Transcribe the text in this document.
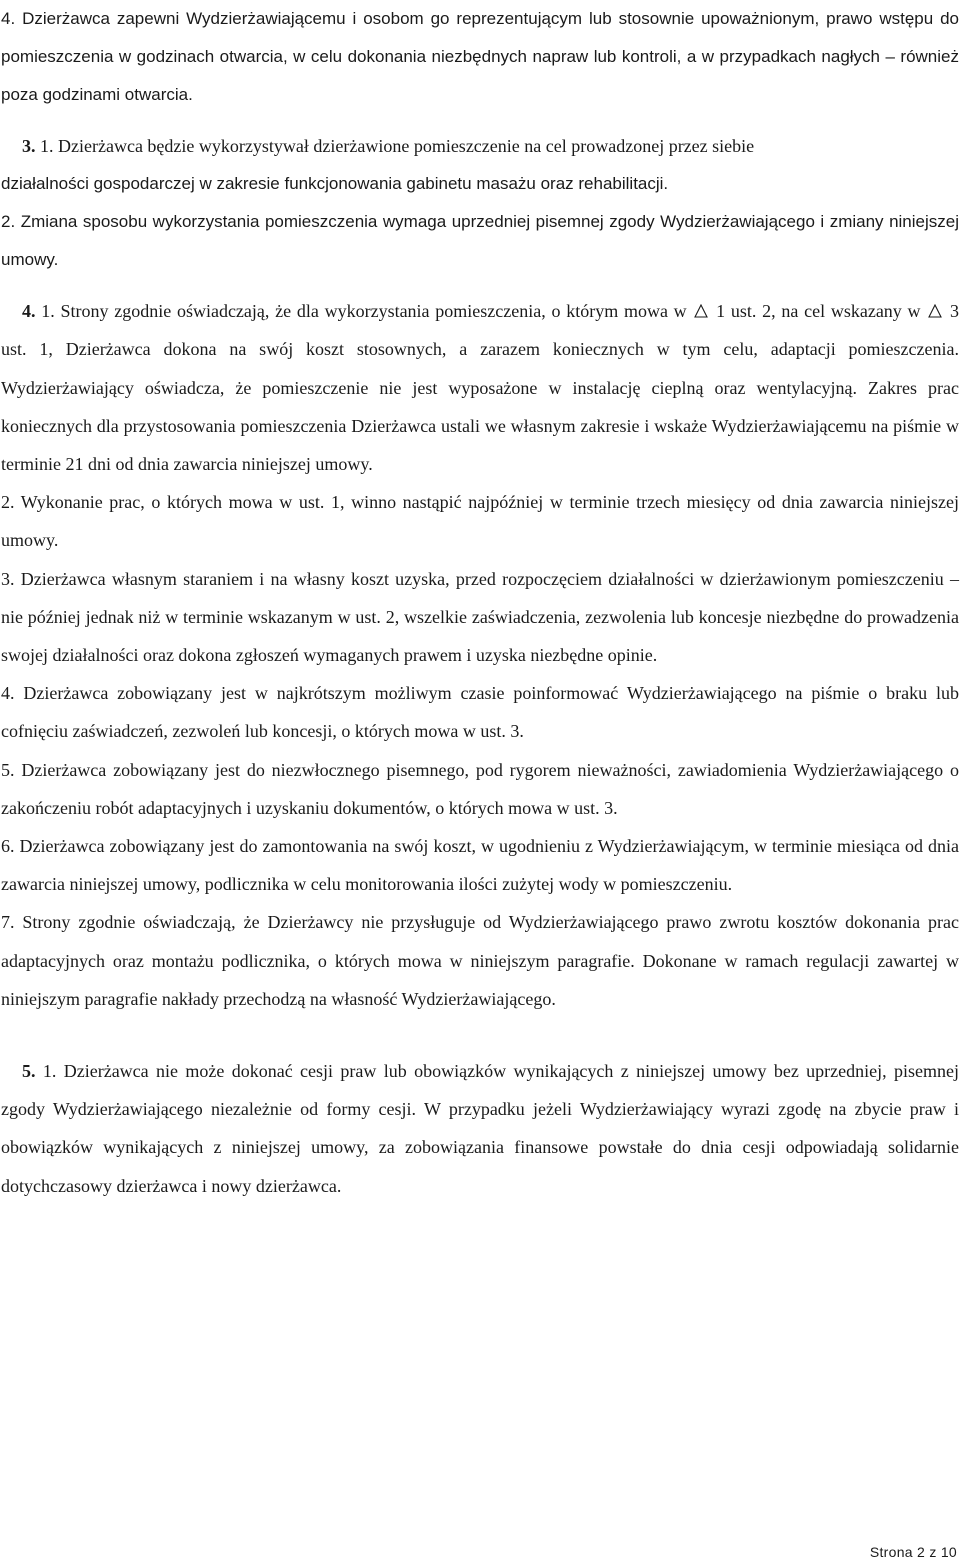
4. Dzierżawca zapewni Wydzierżawiającemu i osobom go reprezentującym lub stosownie upoważnionym, prawo wstępu do pomieszczenia w godzinach otwarcia, w celu dokonania niezbędnych napraw lub kontroli, a w przypadkach nagłych – również poza godzinami otwarcia.

3. 1. Dzierżawca będzie wykorzystywał dzierżawione pomieszczenie na cel prowadzonej przez siebie

działalności gospodarczej w zakresie funkcjonowania gabinetu masażu oraz rehabilitacji.

2. Zmiana sposobu wykorzystania pomieszczenia wymaga uprzedniej pisemnej zgody Wydzierżawiającego i zmiany niniejszej umowy.

4. 1. Strony zgodnie oświadczają, że dla wykorzystania pomieszczenia, o którym mowa w
1 ust. 2, na cel wskazany w
3 ust. 1, Dzierżawca dokona na swój koszt stosownych, a zarazem koniecznych w tym celu, adaptacji pomieszczenia. Wydzierżawiający oświadcza, że pomieszczenie nie jest wyposażone w instalację cieplną oraz wentylacyjną. Zakres prac koniecznych dla przystosowania pomieszczenia Dzierżawca ustali we własnym zakresie i wskaże Wydzierżawiającemu na piśmie w terminie 21 dni od dnia zawarcia niniejszej umowy.

2. Wykonanie prac, o których mowa w ust. 1, winno nastąpić najpóźniej w terminie trzech miesięcy od dnia zawarcia niniejszej umowy.

3. Dzierżawca własnym staraniem i na własny koszt uzyska, przed rozpoczęciem działalności w dzierżawionym pomieszczeniu – nie później jednak niż w terminie wskazanym w ust. 2, wszelkie zaświadczenia, zezwolenia lub koncesje niezbędne do prowadzenia swojej działalności oraz dokona zgłoszeń wymaganych prawem i uzyska niezbędne opinie.

4. Dzierżawca zobowiązany jest w najkrótszym możliwym czasie poinformować Wydzierżawiającego na piśmie o braku lub cofnięciu zaświadczeń, zezwoleń lub koncesji, o których mowa w ust. 3.

5. Dzierżawca zobowiązany jest do niezwłocznego pisemnego, pod rygorem nieważności, zawiadomienia Wydzierżawiającego o zakończeniu robót adaptacyjnych i uzyskaniu dokumentów, o których mowa w ust. 3.

6. Dzierżawca zobowiązany jest do zamontowania na swój koszt, w ugodnieniu z Wydzierżawiającym, w terminie miesiąca od dnia zawarcia niniejszej umowy, podlicznika w celu monitorowania ilości zużytej wody w pomieszczeniu.

7. Strony zgodnie oświadczają, że Dzierżawcy nie przysługuje od Wydzierżawiającego prawo zwrotu kosztów dokonania prac adaptacyjnych oraz montażu podlicznika, o których mowa w niniejszym paragrafie. Dokonane w ramach regulacji zawartej w niniejszym paragrafie nakłady przechodzą na własność Wydzierżawiającego.

5. 1. Dzierżawca nie może dokonać cesji praw lub obowiązków wynikających z niniejszej umowy bez uprzedniej, pisemnej zgody Wydzierżawiającego niezależnie od formy cesji. W przypadku jeżeli Wydzierżawiający wyrazi zgodę na zbycie praw i obowiązków wynikających z niniejszej umowy, za zobowiązania finansowe powstałe do dnia cesji odpowiadają solidarnie dotychczasowy dzierżawca i nowy dzierżawca.

Strona 2 z 10
